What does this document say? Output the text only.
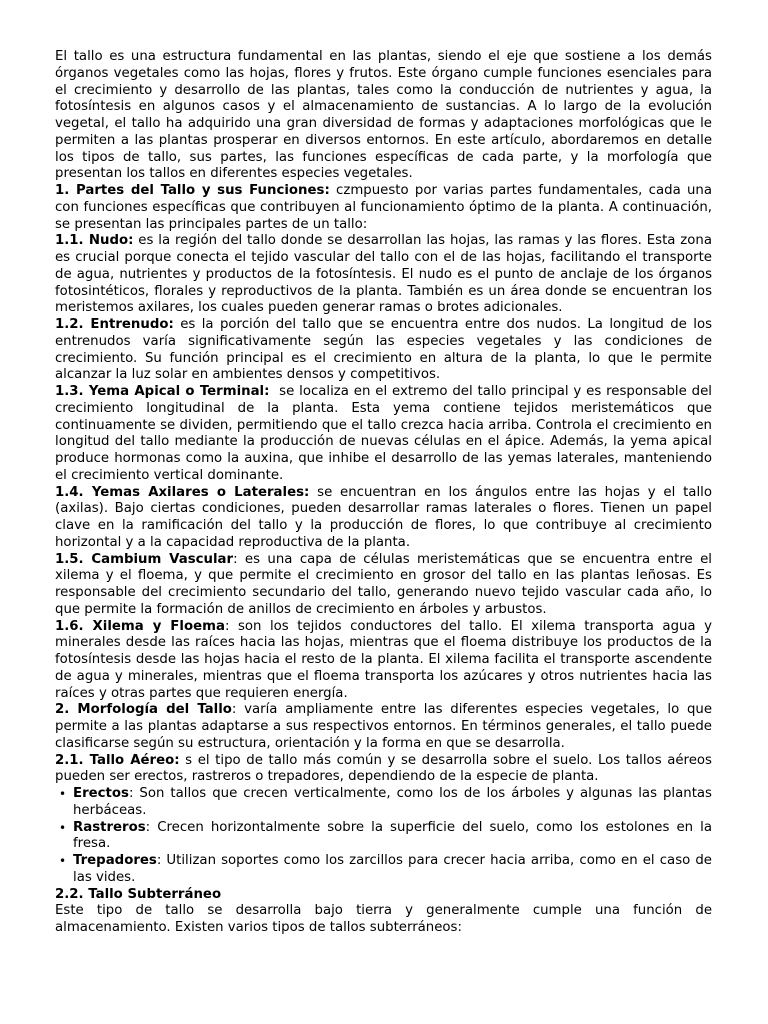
El tallo es una estructura fundamental en las plantas, siendo el eje que sostiene a los demás órganos vegetales como las hojas, flores y frutos. Este órgano cumple funciones esenciales para el crecimiento y desarrollo de las plantas, tales como la conducción de nutrientes y agua, la fotosíntesis en algunos casos y el almacenamiento de sustancias. A lo largo de la evolución vegetal, el tallo ha adquirido una gran diversidad de formas y adaptaciones morfológicas que le permiten a las plantas prosperar en diversos entornos. En este artículo, abordaremos en detalle los tipos de tallo, sus partes, las funciones específicas de cada parte, y la morfología que presentan los tallos en diferentes especies vegetales.

1. Partes del Tallo y sus Funciones: czmpuesto por varias partes fundamentales, cada una con funciones específicas que contribuyen al funcionamiento óptimo de la planta. A continuación, se presentan las principales partes de un tallo:

1.1. Nudo: es la región del tallo donde se desarrollan las hojas, las ramas y las flores. Esta zona es crucial porque conecta el tejido vascular del tallo con el de las hojas, facilitando el transporte de agua, nutrientes y productos de la fotosíntesis. El nudo es el punto de anclaje de los órganos fotosintéticos, florales y reproductivos de la planta. También es un área donde se encuentran los meristemos axilares, los cuales pueden generar ramas o brotes adicionales.

1.2. Entrenudo: es la porción del tallo que se encuentra entre dos nudos. La longitud de los entrenudos varía significativamente según las especies vegetales y las condiciones de crecimiento. Su función principal es el crecimiento en altura de la planta, lo que le permite alcanzar la luz solar en ambientes densos y competitivos.

1.3. Yema Apical o Terminal:  se localiza en el extremo del tallo principal y es responsable del crecimiento longitudinal de la planta. Esta yema contiene tejidos meristemáticos que continuamente se dividen, permitiendo que el tallo crezca hacia arriba. Controla el crecimiento en longitud del tallo mediante la producción de nuevas células en el ápice. Además, la yema apical produce hormonas como la auxina, que inhibe el desarrollo de las yemas laterales, manteniendo el crecimiento vertical dominante.

1.4. Yemas Axilares o Laterales: se encuentran en los ángulos entre las hojas y el tallo (axilas). Bajo ciertas condiciones, pueden desarrollar ramas laterales o flores. Tienen un papel clave en la ramificación del tallo y la producción de flores, lo que contribuye al crecimiento horizontal y a la capacidad reproductiva de la planta.

1.5. Cambium Vascular: es una capa de células meristemáticas que se encuentra entre el xilema y el floema, y que permite el crecimiento en grosor del tallo en las plantas leñosas. Es responsable del crecimiento secundario del tallo, generando nuevo tejido vascular cada año, lo que permite la formación de anillos de crecimiento en árboles y arbustos.

1.6. Xilema y Floema: son los tejidos conductores del tallo. El xilema transporta agua y minerales desde las raíces hacia las hojas, mientras que el floema distribuye los productos de la fotosíntesis desde las hojas hacia el resto de la planta. El xilema facilita el transporte ascendente de agua y minerales, mientras que el floema transporta los azúcares y otros nutrientes hacia las raíces y otras partes que requieren energía.

2. Morfología del Tallo: varía ampliamente entre las diferentes especies vegetales, lo que permite a las plantas adaptarse a sus respectivos entornos. En términos generales, el tallo puede clasificarse según su estructura, orientación y la forma en que se desarrolla.

2.1. Tallo Aéreo: s el tipo de tallo más común y se desarrolla sobre el suelo. Los tallos aéreos pueden ser erectos, rastreros o trepadores, dependiendo de la especie de planta.

• Erectos: Son tallos que crecen verticalmente, como los de los árboles y algunas las plantas herbáceas.
• Rastreros: Crecen horizontalmente sobre la superficie del suelo, como los estolones en la fresa.
• Trepadores: Utilizan soportes como los zarcillos para crecer hacia arriba, como en el caso de las vides.

2.2. Tallo Subterráneo

Este tipo de tallo se desarrolla bajo tierra y generalmente cumple una función de almacenamiento. Existen varios tipos de tallos subterráneos:
